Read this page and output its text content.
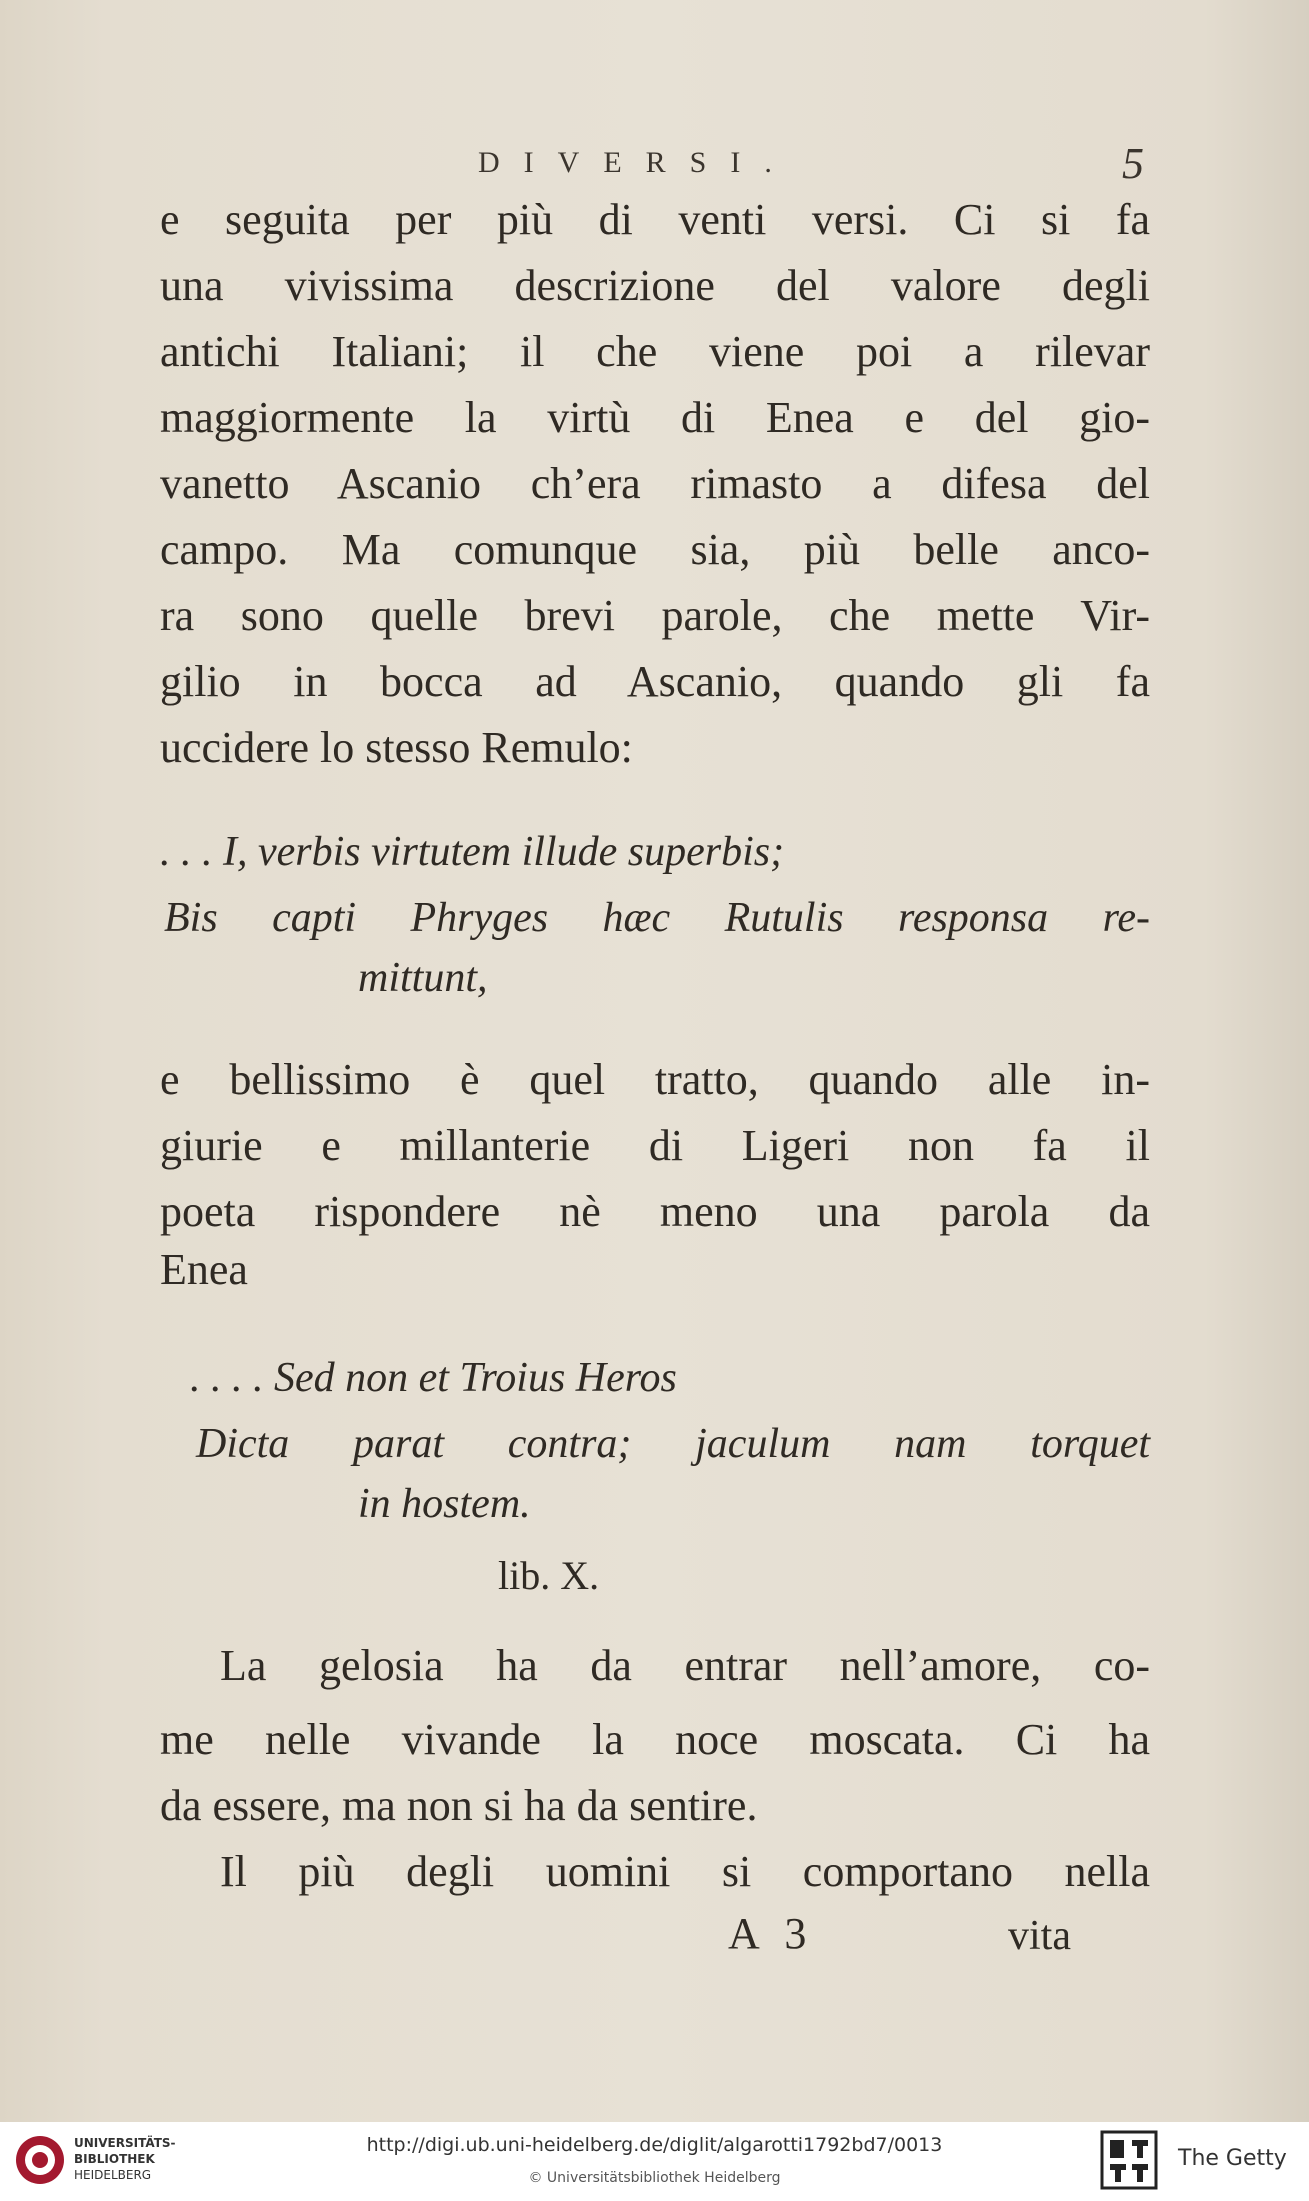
DIVERSI.	5
e seguita per più di venti versi. Ci si fa
una vivissima descrizione del valore degli
antichi Italiani; il che viene poi a rilevar
maggiormente la virtù di Enea e del gio-
vanetto Ascanio ch’era rimasto a difesa del
campo. Ma comunque sia, più belle anco-
ra sono quelle brevi parole, che mette Vir-
gilio in bocca ad Ascanio, quando gli fa
uccidere lo stesso Remulo:
. . . I, verbis virtutem illude superbis;
Bis capti Phryges hæc Rutulis responsa re-
mittunt,
e bellissimo è quel tratto, quando alle in-
giurie e millanterie di Ligeri non fa il
poeta rispondere nè meno una parola da
Enea
. . . . Sed non et Troius Heros
Dicta parat contra; jaculum nam torquet
in hostem.
lib. X.
La gelosia ha da entrar nell’amore, co-
me nelle vivande la noce moscata. Ci ha
da essere, ma non si ha da sentire.
Il più degli uomini si comportano nella
A 3	vita
UNIVERSITÄTS-
BIBLIOTHEK
HEIDELBERG
http://digi.ub.uni-heidelberg.de/diglit/algarotti1792bd7/0013
© Universitätsbibliothek Heidelberg
The Getty
